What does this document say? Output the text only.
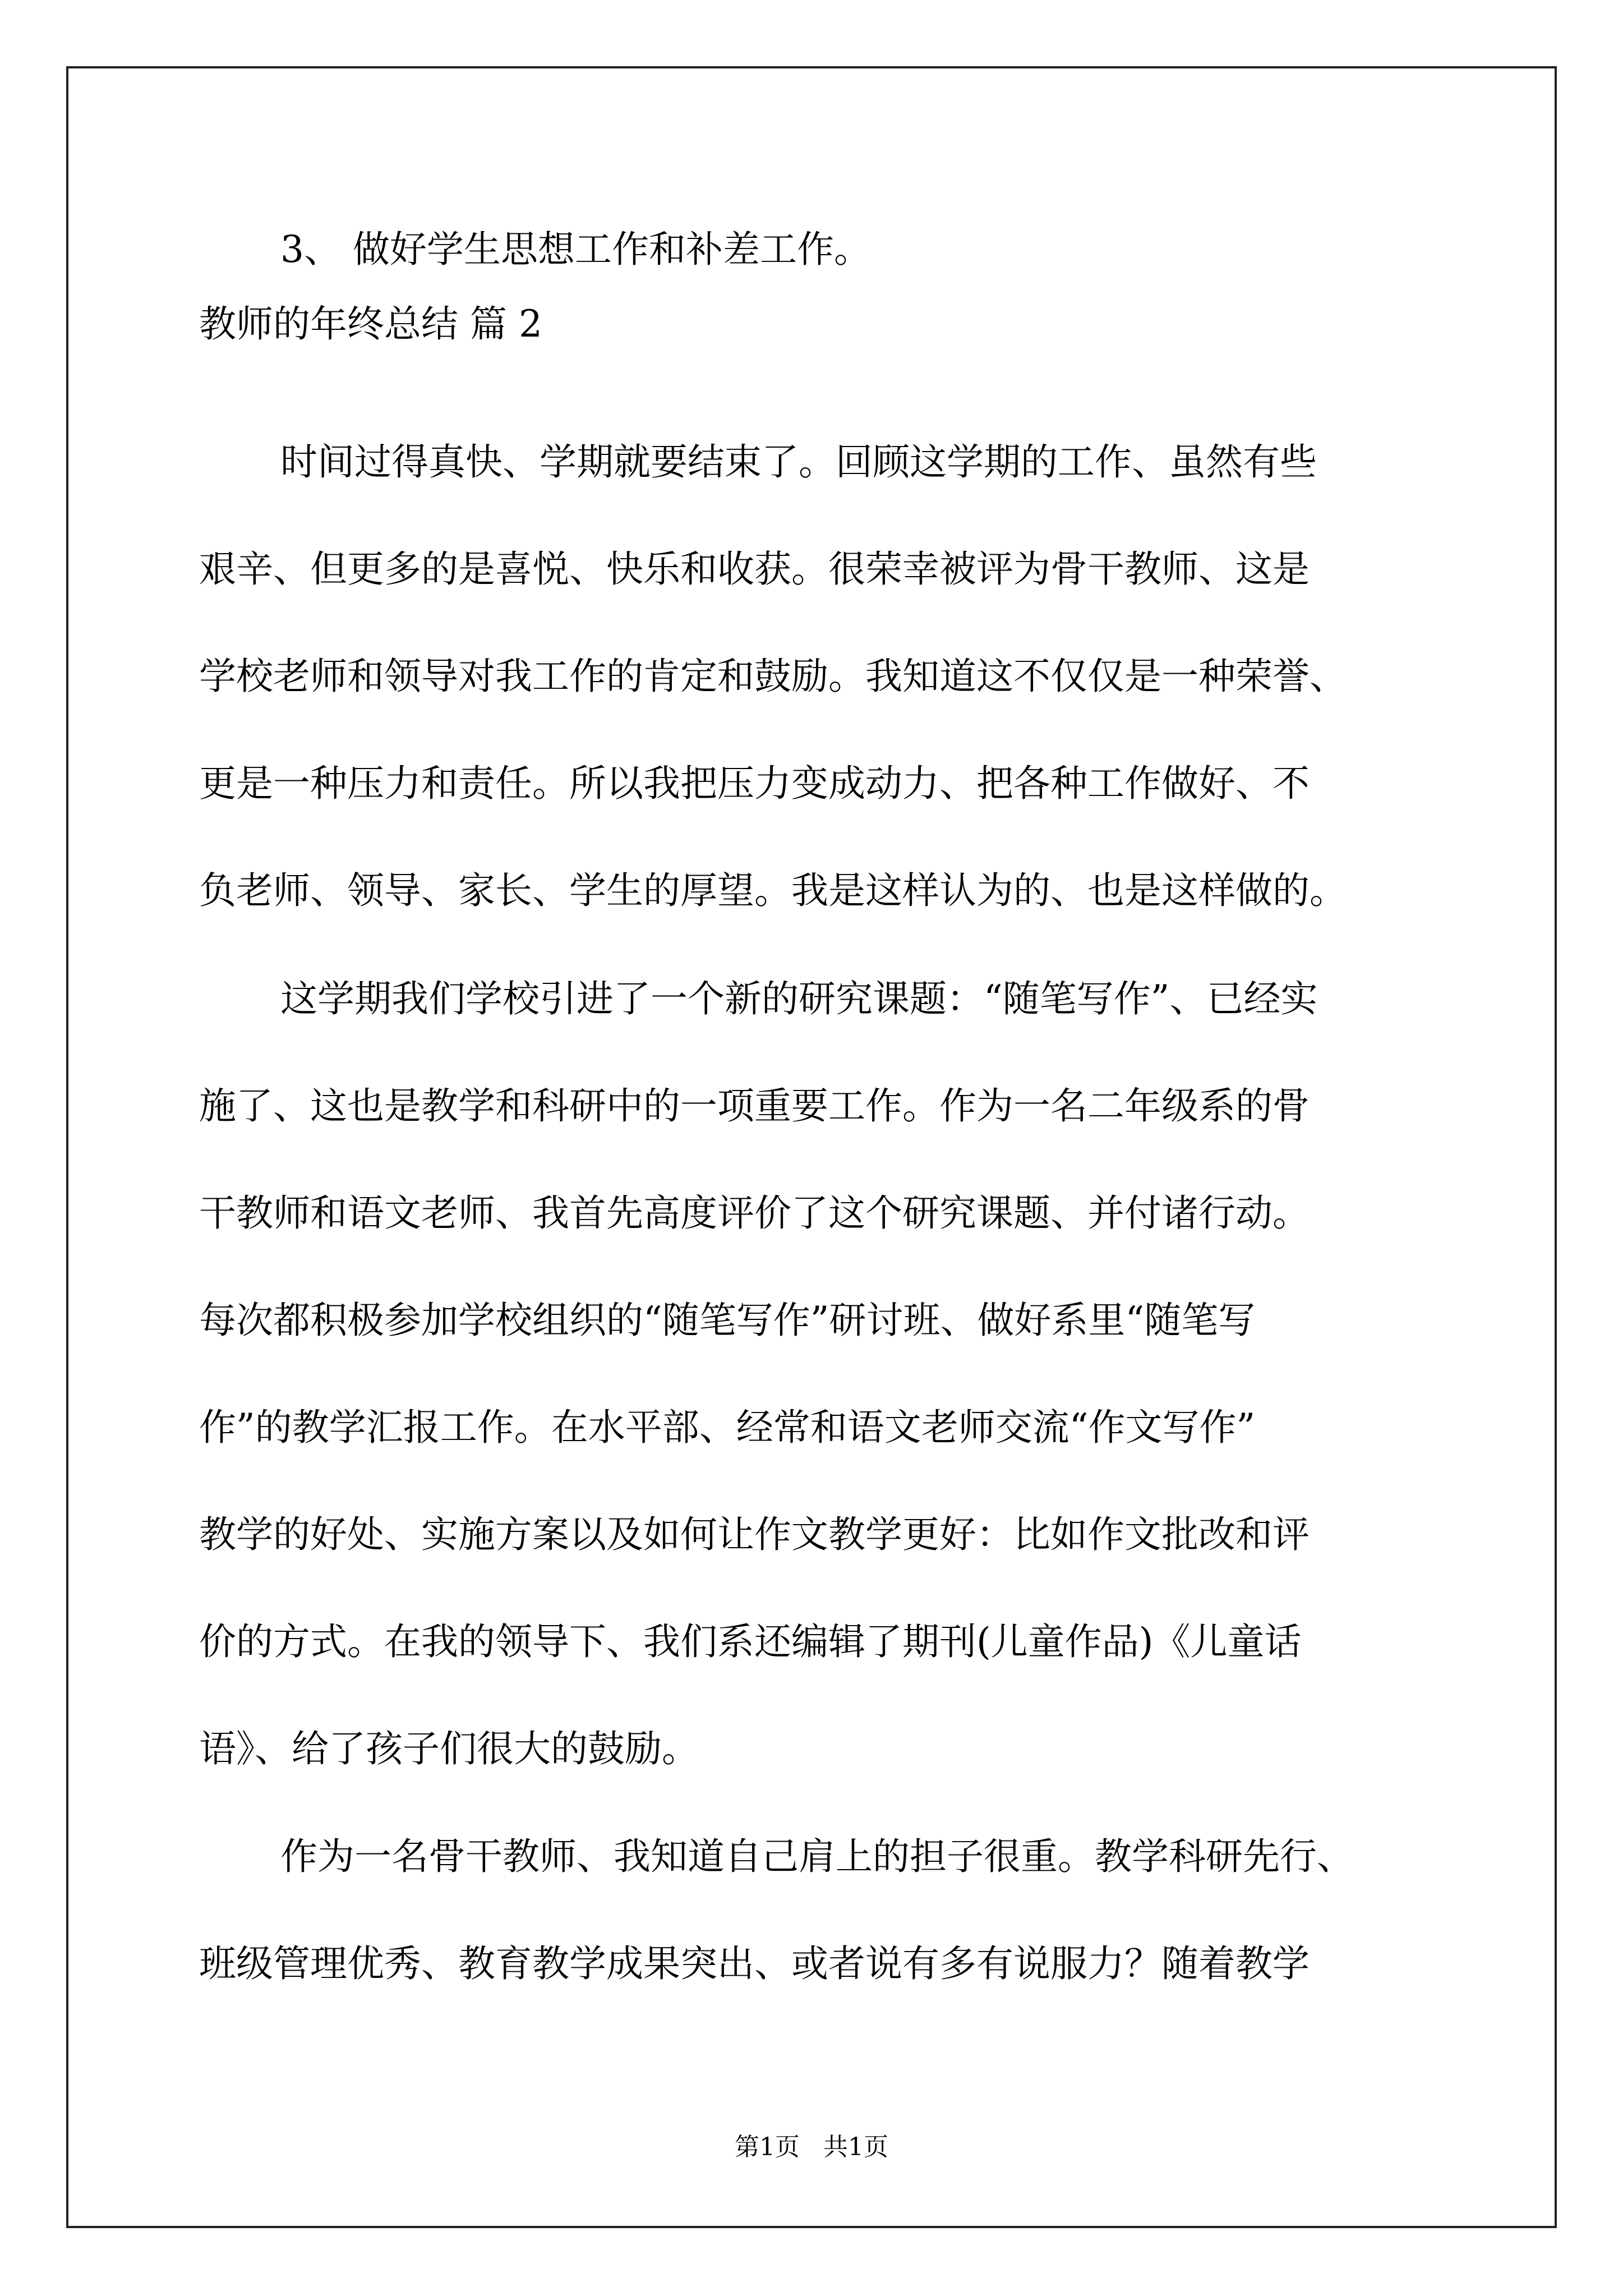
3、 做好学生思想工作和补差工作。
教师的年终总结 篇 2
时间过得真快、学期就要结束了。回顾这学期的工作、虽然有些
艰辛、但更多的是喜悦、快乐和收获。很荣幸被评为骨干教师、这是
学校老师和领导对我工作的肯定和鼓励。我知道这不仅仅是一种荣誉、
更是一种压力和责任。所以我把压力变成动力、把各种工作做好、不
负老师、领导、家长、学生的厚望。我是这样认为的、也是这样做的。
这学期我们学校引进了一个新的研究课题：“随笔写作”、已经实
施了、这也是教学和科研中的一项重要工作。作为一名二年级系的骨
干教师和语文老师、我首先高度评价了这个研究课题、并付诸行动。
每次都积极参加学校组织的“随笔写作”研讨班、做好系里“随笔写
作”的教学汇报工作。在水平部、经常和语文老师交流“作文写作”
教学的好处、实施方案以及如何让作文教学更好：比如作文批改和评
价的方式。在我的领导下、我们系还编辑了期刊(儿童作品)《儿童话
语》、给了孩子们很大的鼓励。
作为一名骨干教师、我知道自己肩上的担子很重。教学科研先行、
班级管理优秀、教育教学成果突出、或者说有多有说服力？随着教学
第1页   共1页
